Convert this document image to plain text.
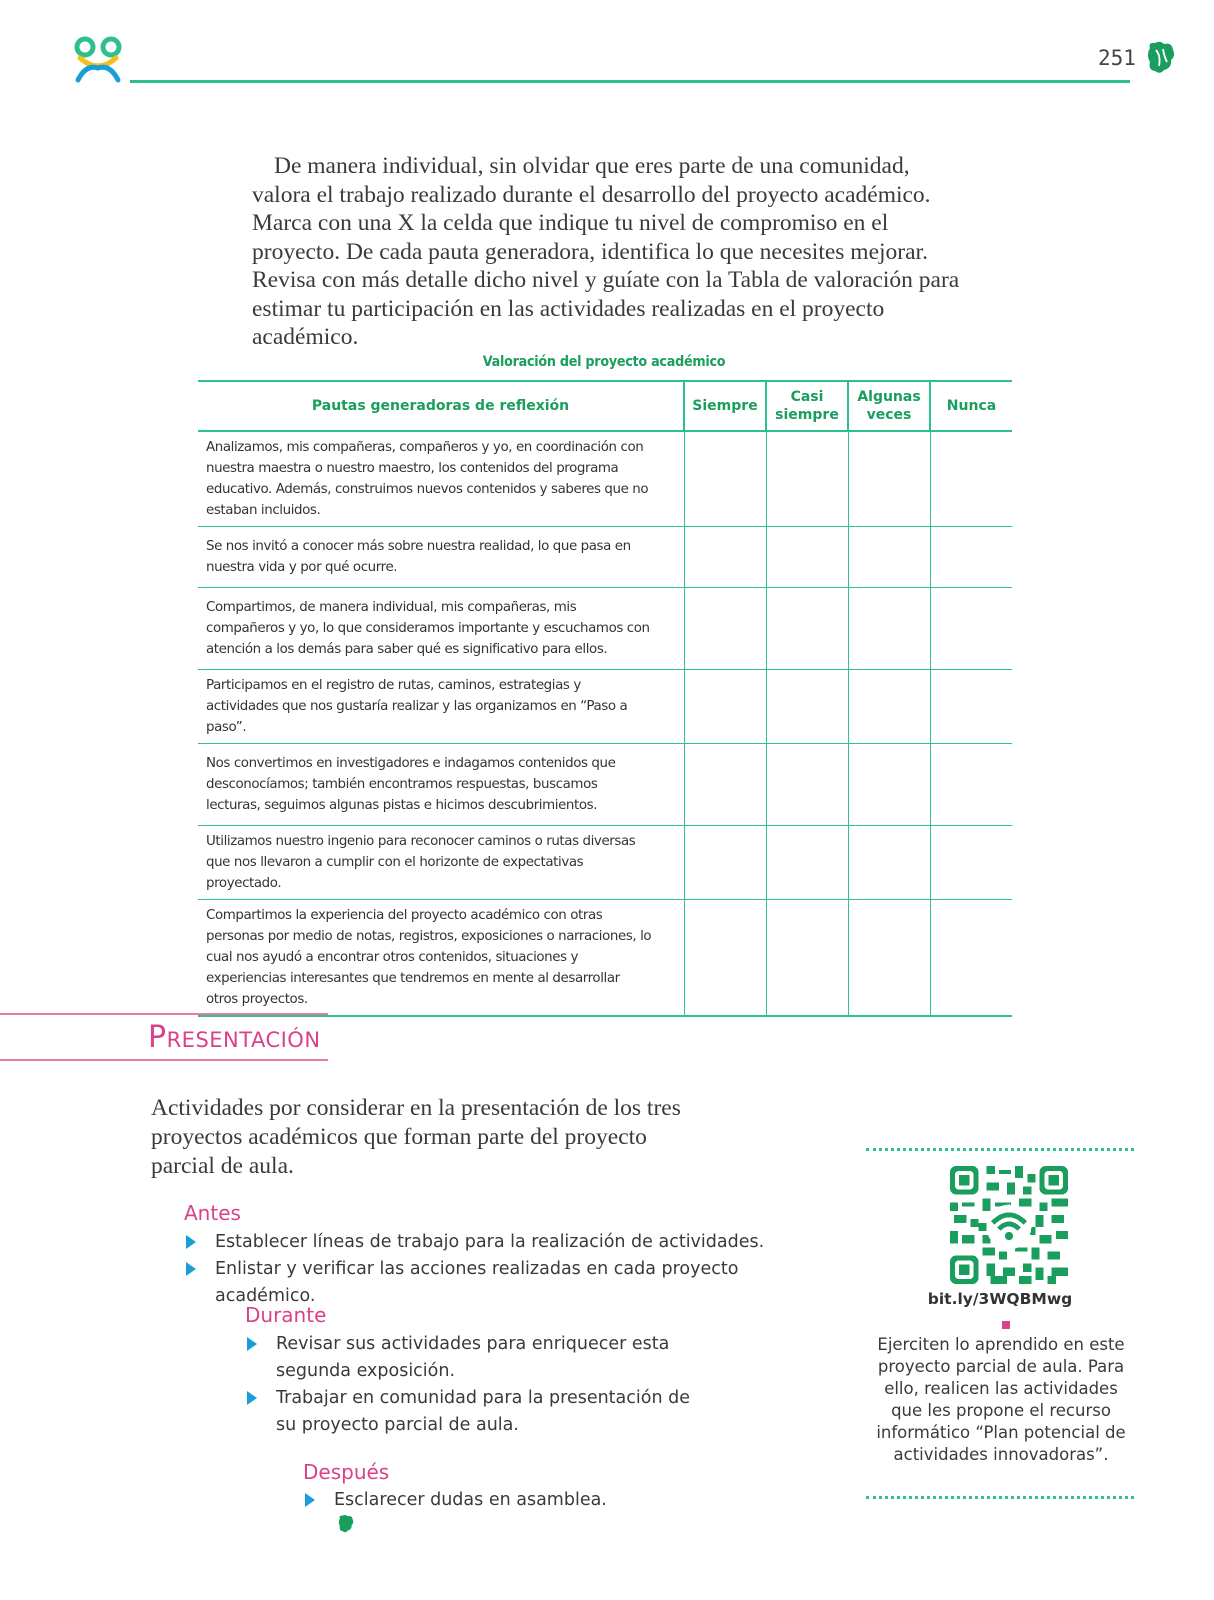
251

De manera individual, sin olvidar que eres parte de una comunidad, valora el trabajo realizado durante el desarrollo del proyecto académico. Marca con una X la celda que indique tu nivel de compromiso en el proyecto. De cada pauta generadora, identifica lo que necesites mejorar. Revisa con más detalle dicho nivel y guíate con la Tabla de valoración para estimar tu participación en las actividades realizadas en el proyecto académico.

Valoración del proyecto académico
Pautas generadoras de reflexión	Siempre	Casi siempre	Algunas veces	Nunca
Analizamos, mis compañeras, compañeros y yo, en coordinación con nuestra maestra o nuestro maestro, los contenidos del programa educativo. Además, construimos nuevos contenidos y saberes que no estaban incluidos.				
Se nos invitó a conocer más sobre nuestra realidad, lo que pasa en nuestra vida y por qué ocurre.				
Compartimos, de manera individual, mis compañeras, mis compañeros y yo, lo que consideramos importante y escuchamos con atención a los demás para saber qué es significativo para ellos.				
Participamos en el registro de rutas, caminos, estrategias y actividades que nos gustaría realizar y las organizamos en “Paso a paso”.				
Nos convertimos en investigadores e indagamos contenidos que desconocíamos; también encontramos respuestas, buscamos lecturas, seguimos algunas pistas e hicimos descubrimientos.				
Utilizamos nuestro ingenio para reconocer caminos o rutas diversas que nos llevaron a cumplir con el horizonte de expectativas proyectado.				
Compartimos la experiencia del proyecto académico con otras personas por medio de notas, registros, exposiciones o narraciones, lo cual nos ayudó a encontrar otros contenidos, situaciones y experiencias interesantes que tendremos en mente al desarrollar otros proyectos.				
Presentación

Actividades por considerar en la presentación de los tres proyectos académicos que forman parte del proyecto parcial de aula.

Antes
Establecer líneas de trabajo para la realización de actividades.
Enlistar y verificar las acciones realizadas en cada proyecto académico.
Durante
Revisar sus actividades para enriquecer esta segunda exposición.
Trabajar en comunidad para la presentación de su proyecto parcial de aula.
Después
Esclarecer dudas en asamblea.
bit.ly/3WQBMwg
Ejerciten lo aprendido en este proyecto parcial de aula. Para ello, realicen las actividades que les propone el recurso informático “Plan potencial de actividades innovadoras”.
